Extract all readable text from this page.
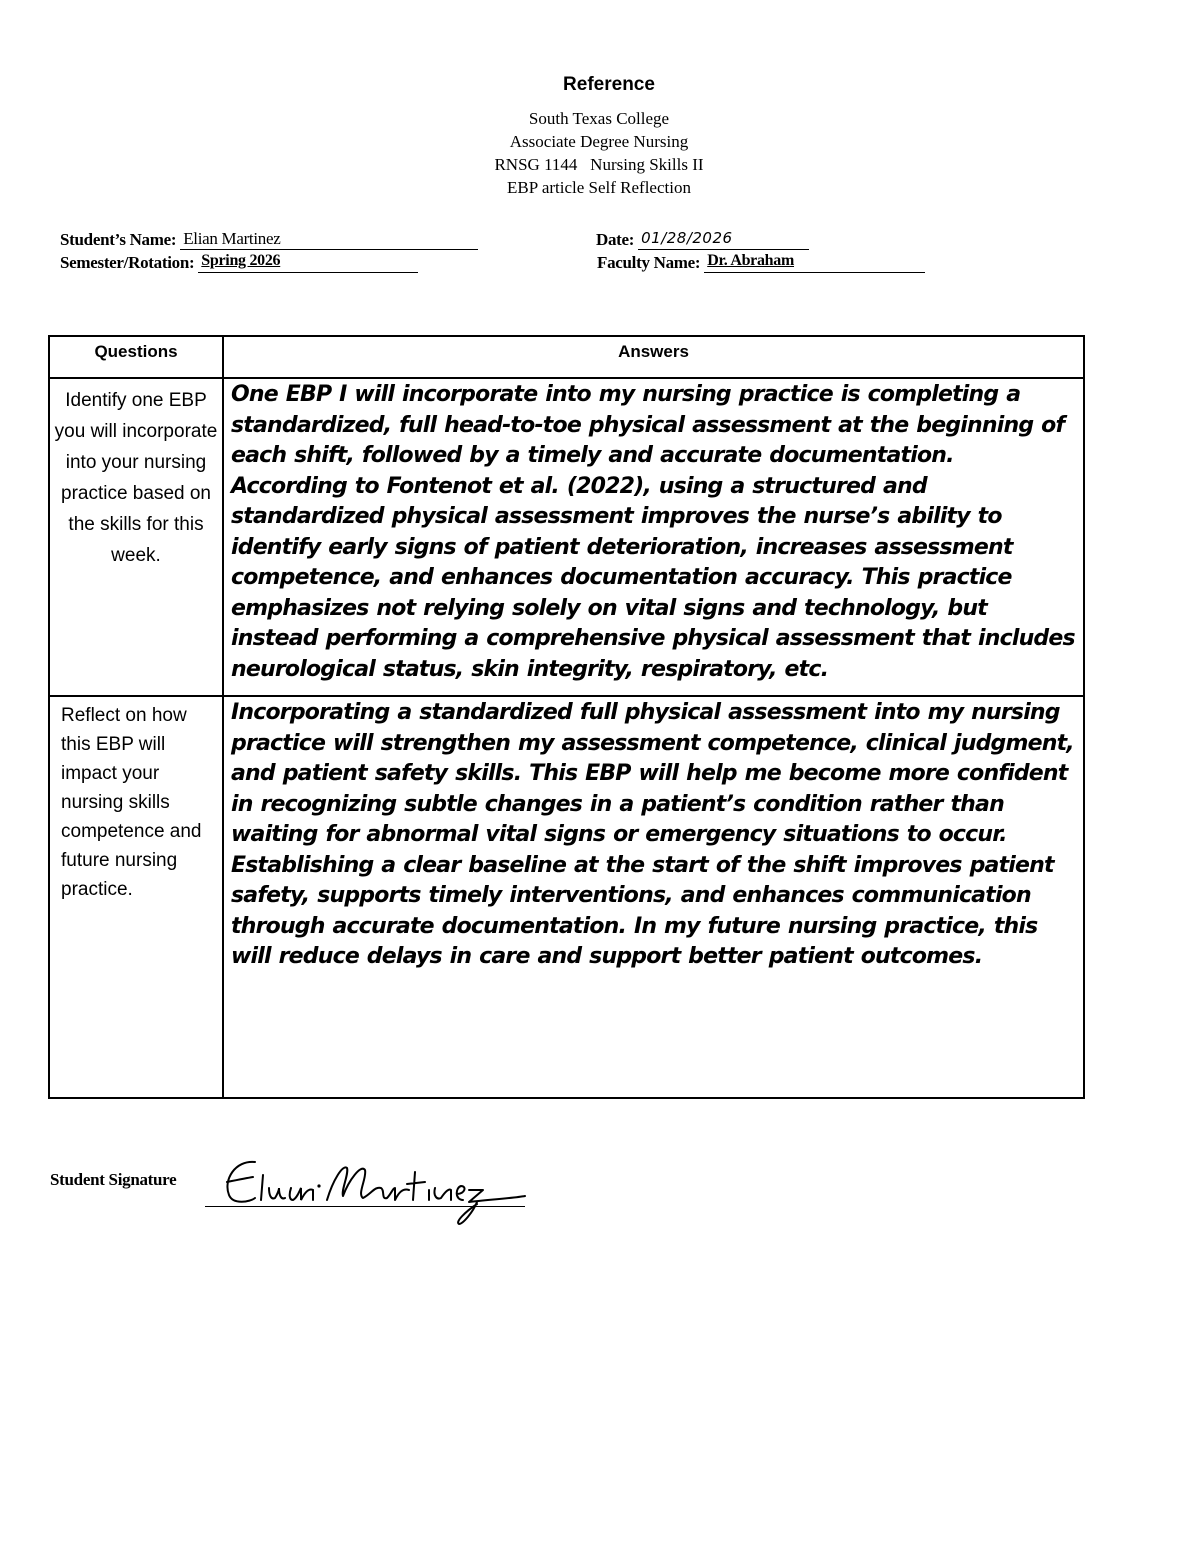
Reference
South Texas College
Associate Degree Nursing
RNSG 1144   Nursing Skills II
EBP article Self Reflection
Student’s Name: Elian Martinez
Semester/Rotation: Spring 2026
Date: 01/28/2026
Faculty Name: Dr. Abraham
Questions	Answers
Identify one EBP you will incorporate into your nursing practice based on the skills for this week.	One EBP I will incorporate into my nursing practice is completing a standardized, full head-to-toe physical assessment at the beginning of each shift, followed by a timely and accurate documentation. According to Fontenot et al. (2022), using a structured and standardized physical assessment improves the nurse’s ability to identify early signs of patient deterioration, increases assessment competence, and enhances documentation accuracy. This practice emphasizes not relying solely on vital signs and technology, but instead performing a comprehensive physical assessment that includes neurological status, skin integrity, respiratory, etc.
Reflect on how this EBP will impact your nursing skills competence and future nursing practice.	Incorporating a standardized full physical assessment into my nursing practice will strengthen my assessment competence, clinical judgment, and patient safety skills. This EBP will help me become more confident in recognizing subtle changes in a patient’s condition rather than waiting for abnormal vital signs or emergency situations to occur. Establishing a clear baseline at the start of the shift improves patient safety, supports timely interventions, and enhances communication through accurate documentation. In my future nursing practice, this will reduce delays in care and support better patient outcomes.
Student Signature
